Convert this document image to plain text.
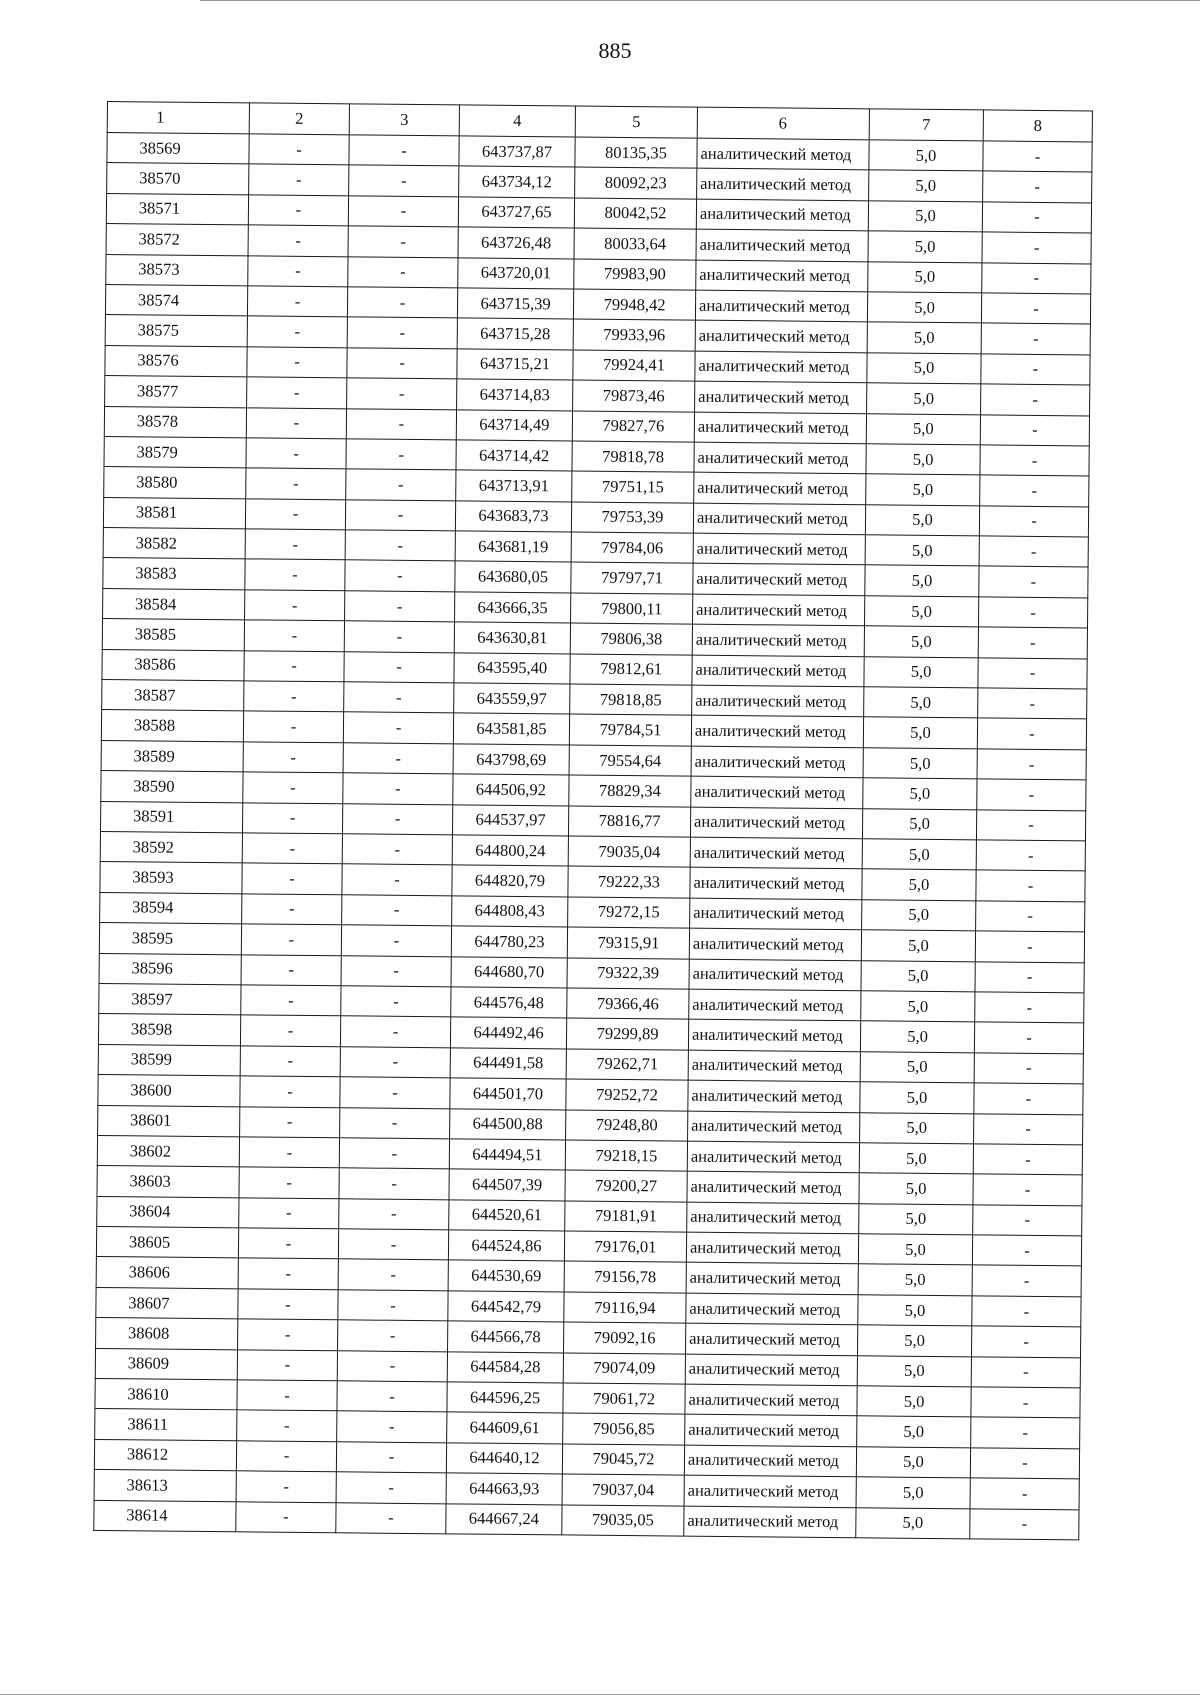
885
1	2	3	4	5	6	7	8
38569	-	-	643737,87	80135,35	аналитический метод	5,0	-
38570	-	-	643734,12	80092,23	аналитический метод	5,0	-
38571	-	-	643727,65	80042,52	аналитический метод	5,0	-
38572	-	-	643726,48	80033,64	аналитический метод	5,0	-
38573	-	-	643720,01	79983,90	аналитический метод	5,0	-
38574	-	-	643715,39	79948,42	аналитический метод	5,0	-
38575	-	-	643715,28	79933,96	аналитический метод	5,0	-
38576	-	-	643715,21	79924,41	аналитический метод	5,0	-
38577	-	-	643714,83	79873,46	аналитический метод	5,0	-
38578	-	-	643714,49	79827,76	аналитический метод	5,0	-
38579	-	-	643714,42	79818,78	аналитический метод	5,0	-
38580	-	-	643713,91	79751,15	аналитический метод	5,0	-
38581	-	-	643683,73	79753,39	аналитический метод	5,0	-
38582	-	-	643681,19	79784,06	аналитический метод	5,0	-
38583	-	-	643680,05	79797,71	аналитический метод	5,0	-
38584	-	-	643666,35	79800,11	аналитический метод	5,0	-
38585	-	-	643630,81	79806,38	аналитический метод	5,0	-
38586	-	-	643595,40	79812,61	аналитический метод	5,0	-
38587	-	-	643559,97	79818,85	аналитический метод	5,0	-
38588	-	-	643581,85	79784,51	аналитический метод	5,0	-
38589	-	-	643798,69	79554,64	аналитический метод	5,0	-
38590	-	-	644506,92	78829,34	аналитический метод	5,0	-
38591	-	-	644537,97	78816,77	аналитический метод	5,0	-
38592	-	-	644800,24	79035,04	аналитический метод	5,0	-
38593	-	-	644820,79	79222,33	аналитический метод	5,0	-
38594	-	-	644808,43	79272,15	аналитический метод	5,0	-
38595	-	-	644780,23	79315,91	аналитический метод	5,0	-
38596	-	-	644680,70	79322,39	аналитический метод	5,0	-
38597	-	-	644576,48	79366,46	аналитический метод	5,0	-
38598	-	-	644492,46	79299,89	аналитический метод	5,0	-
38599	-	-	644491,58	79262,71	аналитический метод	5,0	-
38600	-	-	644501,70	79252,72	аналитический метод	5,0	-
38601	-	-	644500,88	79248,80	аналитический метод	5,0	-
38602	-	-	644494,51	79218,15	аналитический метод	5,0	-
38603	-	-	644507,39	79200,27	аналитический метод	5,0	-
38604	-	-	644520,61	79181,91	аналитический метод	5,0	-
38605	-	-	644524,86	79176,01	аналитический метод	5,0	-
38606	-	-	644530,69	79156,78	аналитический метод	5,0	-
38607	-	-	644542,79	79116,94	аналитический метод	5,0	-
38608	-	-	644566,78	79092,16	аналитический метод	5,0	-
38609	-	-	644584,28	79074,09	аналитический метод	5,0	-
38610	-	-	644596,25	79061,72	аналитический метод	5,0	-
38611	-	-	644609,61	79056,85	аналитический метод	5,0	-
38612	-	-	644640,12	79045,72	аналитический метод	5,0	-
38613	-	-	644663,93	79037,04	аналитический метод	5,0	-
38614	-	-	644667,24	79035,05	аналитический метод	5,0	-
